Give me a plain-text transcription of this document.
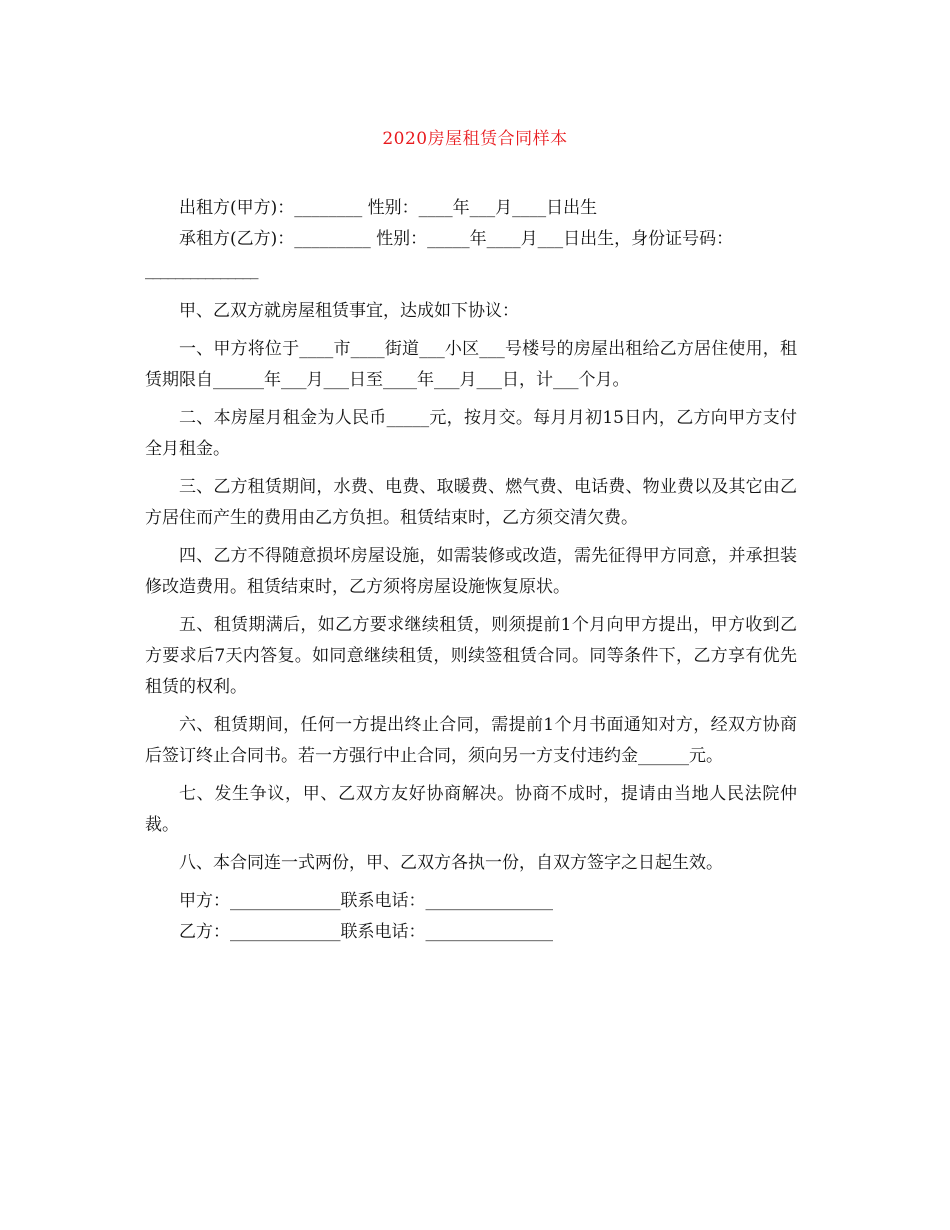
2020房屋租赁合同样本

出租方(甲方)：________ 性别：____年___月____日出生

承租方(乙方)：_________ 性别：_____年____月___日出生，身份证号码：

_______________

甲、乙双方就房屋租赁事宜，达成如下协议：

一、甲方将位于____市____街道___小区___号楼号的房屋出租给乙方居住使用，租赁期限自______年___月___日至____年___月___日，计___个月。

二、本房屋月租金为人民币_____元，按月交。每月月初15日内，乙方向甲方支付全月租金。

三、乙方租赁期间，水费、电费、取暖费、燃气费、电话费、物业费以及其它由乙方居住而产生的费用由乙方负担。租赁结束时，乙方须交清欠费。

四、乙方不得随意损坏房屋设施，如需装修或改造，需先征得甲方同意，并承担装修改造费用。租赁结束时，乙方须将房屋设施恢复原状。

五、租赁期满后，如乙方要求继续租赁，则须提前1个月向甲方提出，甲方收到乙方要求后7天内答复。如同意继续租赁，则续签租赁合同。同等条件下，乙方享有优先租赁的权利。

六、租赁期间，任何一方提出终止合同，需提前1个月书面通知对方，经双方协商后签订终止合同书。若一方强行中止合同，须向另一方支付违约金______元。

七、发生争议，甲、乙双方友好协商解决。协商不成时，提请由当地人民法院仲裁。

八、本合同连一式两份，甲、乙双方各执一份，自双方签字之日起生效。

甲方：_____________联系电话：_______________

乙方：_____________联系电话：_______________
